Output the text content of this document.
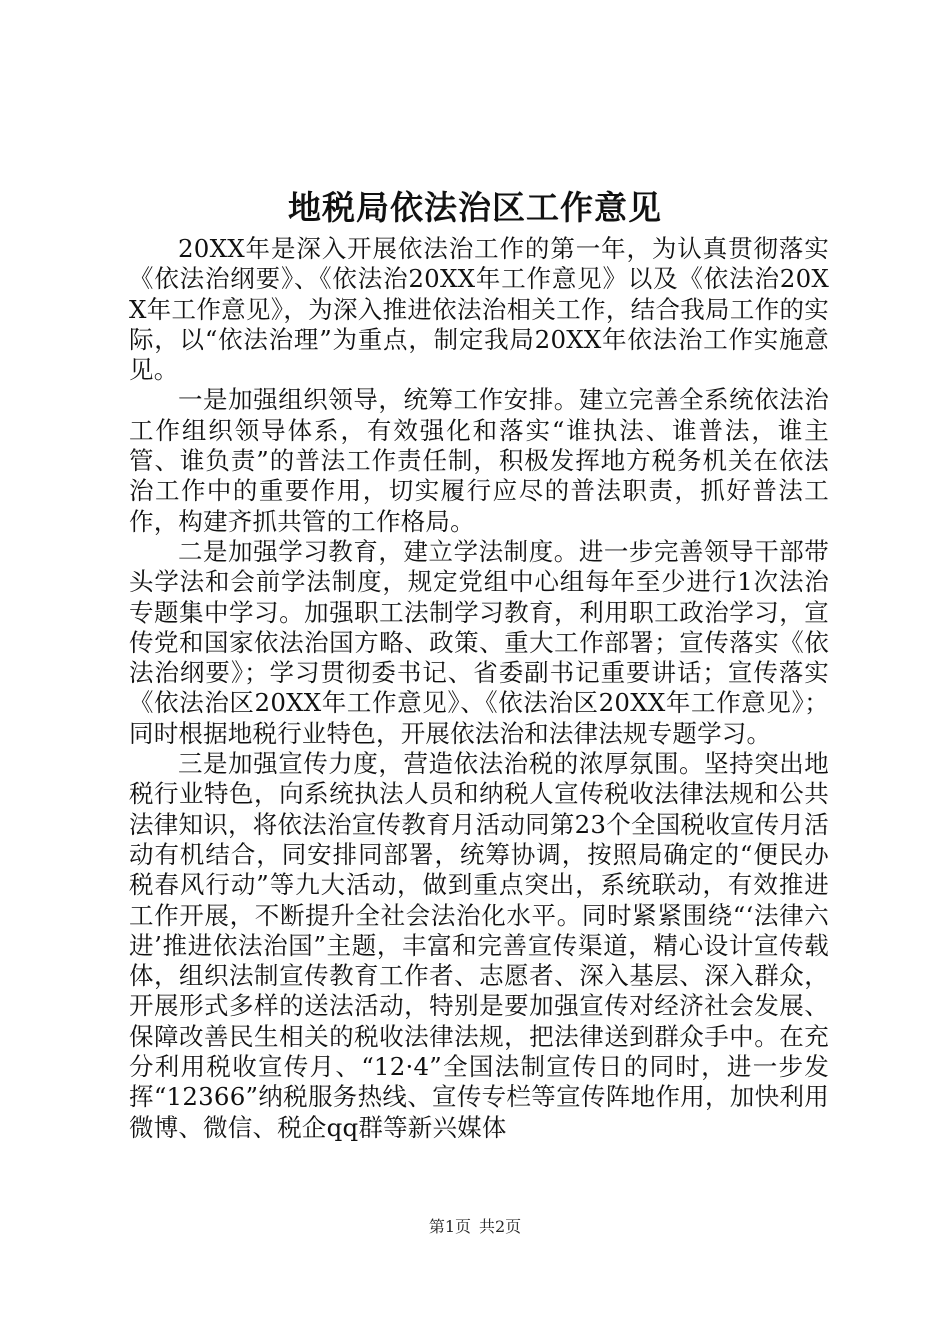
地税局依法治区工作意见

20XX年是深入开展依法治工作的第一年，为认真贯彻落实《依法治纲要》、《依法治20XX年工作意见》以及《依法治20XX年工作意见》，为深入推进依法治相关工作，结合我局工作的实际，以“依法治理”为重点，制定我局20XX年依法治工作实施意见。

一是加强组织领导，统筹工作安排。建立完善全系统依法治工作组织领导体系，有效强化和落实“谁执法、谁普法，谁主管、谁负责”的普法工作责任制，积极发挥地方税务机关在依法治工作中的重要作用，切实履行应尽的普法职责，抓好普法工作，构建齐抓共管的工作格局。

二是加强学习教育，建立学法制度。进一步完善领导干部带头学法和会前学法制度，规定党组中心组每年至少进行1次法治专题集中学习。加强职工法制学习教育，利用职工政治学习，宣传党和国家依法治国方略、政策、重大工作部署；宣传落实《依法治纲要》；学习贯彻委书记、省委副书记重要讲话；宣传落实《依法治区20XX年工作意见》、《依法治区20XX年工作意见》；同时根据地税行业特色，开展依法治和法律法规专题学习。

三是加强宣传力度，营造依法治税的浓厚氛围。坚持突出地税行业特色，向系统执法人员和纳税人宣传税收法律法规和公共法律知识，将依法治宣传教育月活动同第23个全国税收宣传月活动有机结合，同安排同部署，统筹协调，按照局确定的“便民办税春风行动”等九大活动，做到重点突出，系统联动，有效推进工作开展，不断提升全社会法治化水平。同时紧紧围绕“‘法律六进’推进依法治国”主题，丰富和完善宣传渠道，精心设计宣传载体，组织法制宣传教育工作者、志愿者、深入基层、深入群众，开展形式多样的送法活动，特别是要加强宣传对经济社会发展、保障改善民生相关的税收法律法规，把法律送到群众手中。在充分利用税收宣传月、“12·4”全国法制宣传日的同时，进一步发挥“12366”纳税服务热线、宣传专栏等宣传阵地作用，加快利用微博、微信、税企qq群等新兴媒体

第1页 共2页
